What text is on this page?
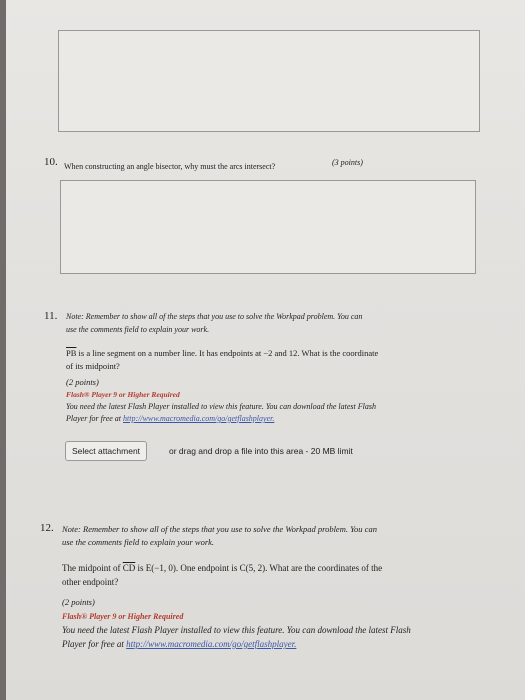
10. When constructing an angle bisector, why must the arcs intersect?	(3 points)
11. Note: Remember to show all of the steps that you use to solve the Workpad problem. You can
use the comments field to explain your work.
$\overline{PB}$ is a line segment on a number line. It has endpoints at −2 and 12. What is the coordinate
of its midpoint?
(2 points)
Flash® Player 9 or Higher Required
You need the latest Flash Player installed to view this feature. You can download the latest Flash
Player for free at http://www.macromedia.com/go/getflashplayer.
Select attachment	or drag and drop a file into this area - 20 MB limit
12. Note: Remember to show all of the steps that you use to solve the Workpad problem. You can
use the comments field to explain your work.
The midpoint of $\overline{CD}$ is E(−1, 0). One endpoint is C(5, 2). What are the coordinates of the
other endpoint?
(2 points)
Flash® Player 9 or Higher Required
You need the latest Flash Player installed to view this feature. You can download the latest Flash
Player for free at http://www.macromedia.com/go/getflashplayer.
